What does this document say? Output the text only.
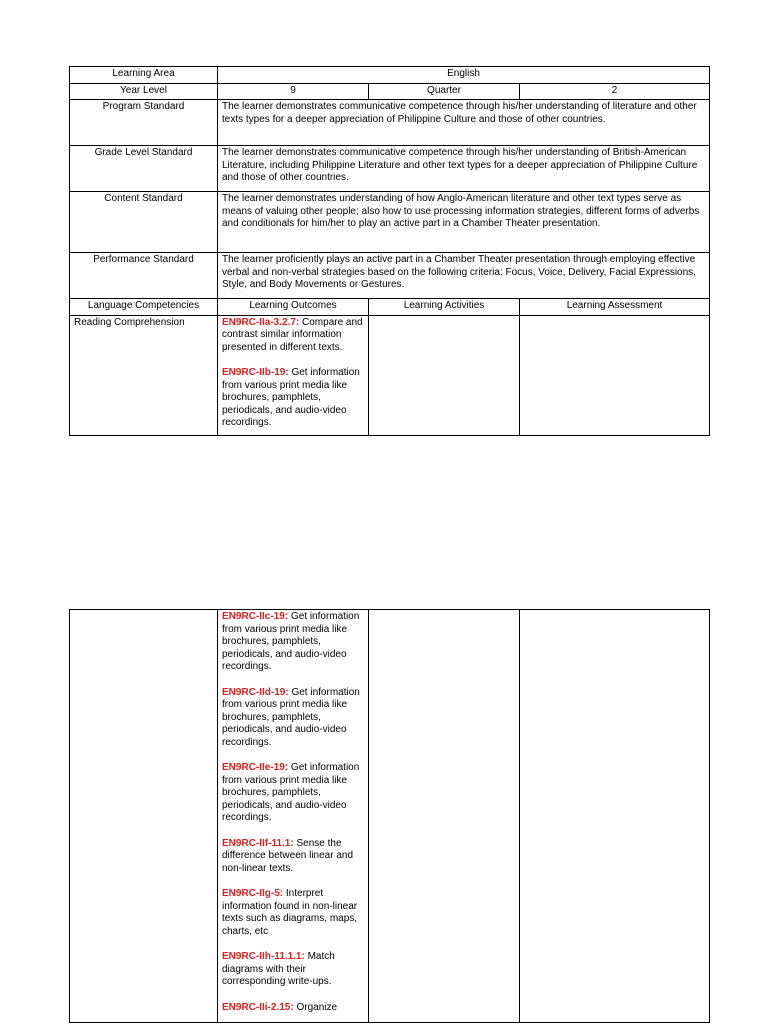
Learning Area	English		
Year Level	9	Quarter	2
Program Standard	The learner demonstrates communicative competence through his/her understanding of literature and other texts types for a deeper appreciation of Philippine Culture and those of other countries.		
Grade Level Standard	The learner demonstrates communicative competence through his/her understanding of British-American Literature, including Philippine Literature and other text types for a deeper appreciation of Philippine Culture and those of other countries.		
Content Standard	The learner demonstrates understanding of how Anglo-American literature and other text types serve as means of valuing other people; also how to use processing information strategies, different forms of adverbs and conditionals for him/her to play an active part in a Chamber Theater presentation.		
Performance Standard	The learner proficiently plays an active part in a Chamber Theater presentation through employing effective verbal and non-verbal strategies based on the following criteria: Focus, Voice, Delivery, Facial Expressions, Style, and Body Movements or Gestures.		
Language Competencies	Learning Outcomes	Learning Activities	Learning Assessment
Reading Comprehension	EN9RC-IIa-3.2.7: Compare and contrast similar information presented in different texts.
EN9RC-IIb-19: Get information from various print media like brochures, pamphlets, periodicals, and audio-video recordings.		

EN9RC-IIc-19: Get information from various print media like brochures, pamphlets, periodicals, and audio-video recordings.
EN9RC-IId-19: Get information from various print media like brochures, pamphlets, periodicals, and audio-video recordings.
EN9RC-IIe-19: Get information from various print media like brochures, pamphlets, periodicals, and audio-video recordings.
EN9RC-IIf-11.1: Sense the difference between linear and non-linear texts.
EN9RC-IIg-5: Interpret information found in non-linear texts such as diagrams, maps, charts, etc
EN9RC-IIh-11.1.1: Match diagrams with their corresponding write-ups.
EN9RC-IIi-2.15: Organize
